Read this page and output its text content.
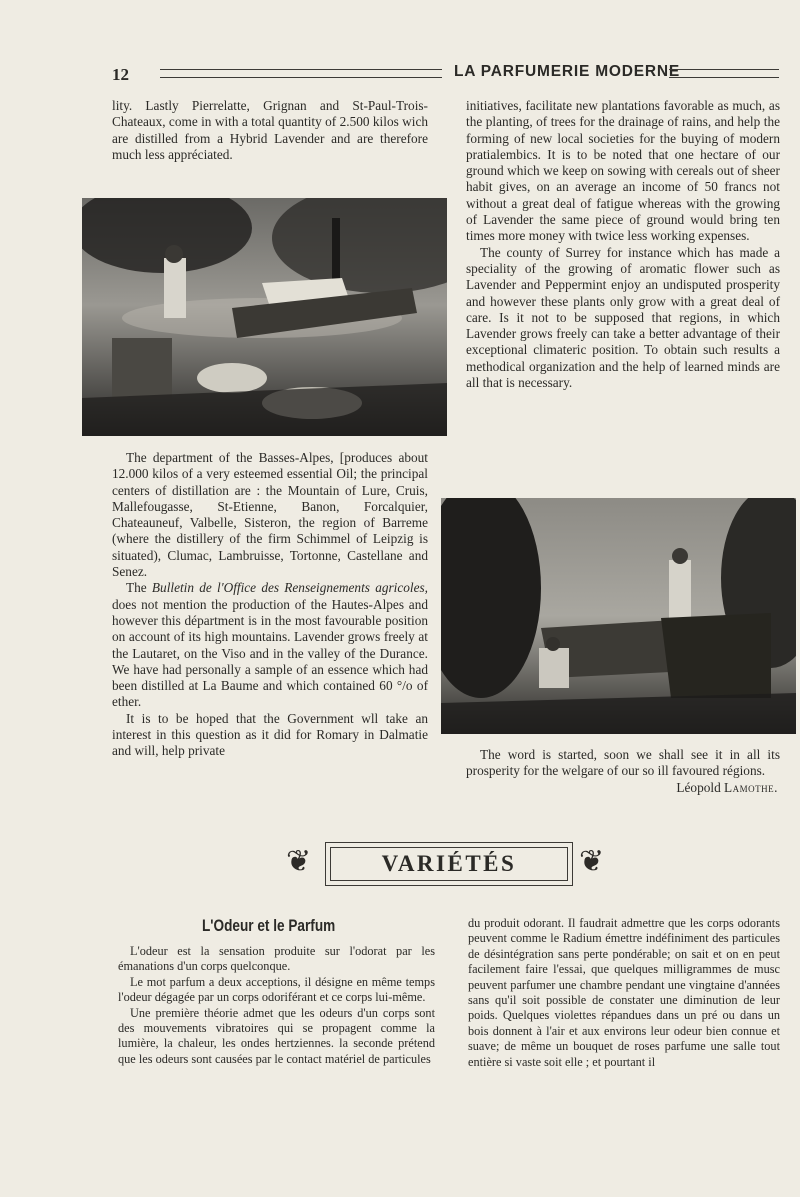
12	LA PARFUMERIE MODERNE

lity. Lastly Pierrelatte, Grignan and St-Paul-Trois-Chateaux, come in with a total quantity of 2.500 kilos wich are distilled from a Hybrid Lavender and are therefore much less appréciated.

The department of the Basses-Alpes, [produces about 12.000 kilos of a very esteemed essential Oil; the principal centers of distillation are : the Mountain of Lure, Cruis, Mallefougasse, St-Etienne, Banon, Forcalquier, Chateauneuf, Valbelle, Sisteron, the region of Barreme (where the distillery of the firm Schimmel of Leipzig is situated), Clumac, Lambruisse, Tortonne, Castellane and Senez.

The Bulletin de l'Office des Renseignements agricoles, does not mention the production of the Hautes-Alpes and however this départment is in the most favourable position on account of its high mountains. Lavender grows freely at the Lautaret, on the Viso and in the valley of the Durance. We have had personally a sample of an essence which had been distilled at La Baume and which contained 60 °/o of ether.

It is to be hoped that the Government wll take an interest in this question as it did for Romary in Dalmatie and will, help private

initiatives, facilitate new plantations favorable as much, as the planting, of trees for the drainage of rains, and help the forming of new local societies for the buying of modern pratialembics. It is to be noted that one hectare of our ground which we keep on sowing with cereals out of sheer habit gives, on an average an income of 50 francs not without a great deal of fatigue whereas with the growing of Lavender the same piece of ground would bring ten times more money with twice less working expenses.

The county of Surrey for instance which has made a speciality of the growing of aromatic flower such as Lavender and Peppermint enjoy an undisputed prosperity and however these plants only grow with a great deal of care. Is it not to be supposed that regions, in which Lavender grows freely can take a better advantage of their exceptional climateric position. To obtain such results a methodical organization and the help of learned minds are all that is necessary.

The word is started, soon we shall see it in all its prosperity for the welgare of our so ill favoured régions.

Léopold Lamothe.

❦	VARIÉTÉS ❦
L'Odeur et le Parfum

L'odeur est la sensation produite sur l'odorat par les émanations d'un corps quelconque.

Le mot parfum a deux acceptions, il désigne en même temps l'odeur dégagée par un corps odoriférant et ce corps lui-même.

Une première théorie admet que les odeurs d'un corps sont des mouvements vibratoires qui se propagent comme la lumière, la chaleur, les ondes hertziennes. la seconde prétend que les odeurs sont causées par le contact matériel de particules

du produit odorant. Il faudrait admettre que les corps odorants peuvent comme le Radium émettre indéfiniment des particules de désintégration sans perte pondérable; on sait et on en peut facilement faire l'essai, que quelques milligrammes de musc peuvent parfumer une chambre pendant une vingtaine d'années sans qu'il soit possible de constater une diminution de leur poids. Quelques violettes répandues dans un pré ou dans un bois donnent à l'air et aux environs leur odeur bien connue et suave; de même un bouquet de roses parfume une salle tout entière si vaste soit elle ; et pourtant il
